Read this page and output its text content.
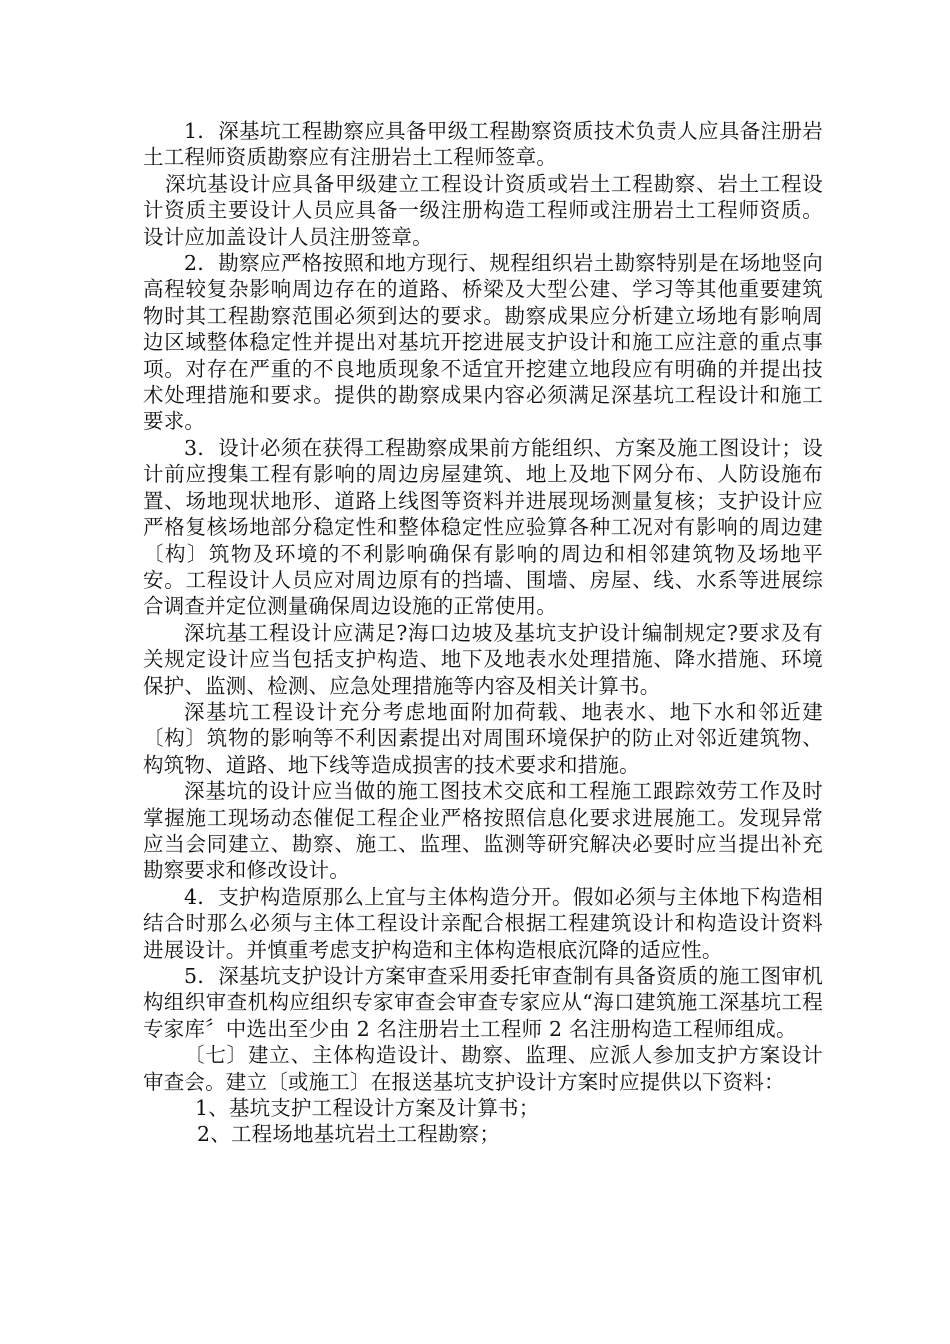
1．深基坑工程勘察应具备甲级工程勘察资质技术负责人应具备注册岩土工程师资质勘察应有注册岩土工程师签章。

深坑基设计应具备甲级建立工程设计资质或岩土工程勘察、岩土工程设计资质主要设计人员应具备一级注册构造工程师或注册岩土工程师资质。设计应加盖设计人员注册签章。

2．勘察应严格按照和地方现行、规程组织岩土勘察特别是在场地竖向高程较复杂影响周边存在的道路、桥梁及大型公建、学习等其他重要建筑物时其工程勘察范围必须到达的要求。勘察成果应分析建立场地有影响周边区域整体稳定性并提出对基坑开挖进展支护设计和施工应注意的重点事项。对存在严重的不良地质现象不适宜开挖建立地段应有明确的并提出技术处理措施和要求。提供的勘察成果内容必须满足深基坑工程设计和施工要求。

3．设计必须在获得工程勘察成果前方能组织、方案及施工图设计；设计前应搜集工程有影响的周边房屋建筑、地上及地下网分布、人防设施布置、场地现状地形、道路上线图等资料并进展现场测量复核；支护设计应严格复核场地部分稳定性和整体稳定性应验算各种工况对有影响的周边建〔构〕筑物及环境的不利影响确保有影响的周边和相邻建筑物及场地平安。工程设计人员应对周边原有的挡墙、围墙、房屋、线、水系等进展综合调查并定位测量确保周边设施的正常使用。

深坑基工程设计应满足?海口边坡及基坑支护设计编制规定?要求及有关规定设计应当包括支护构造、地下及地表水处理措施、降水措施、环境保护、监测、检测、应急处理措施等内容及相关计算书。

深基坑工程设计充分考虑地面附加荷载、地表水、地下水和邻近建〔构〕筑物的影响等不利因素提出对周围环境保护的防止对邻近建筑物、构筑物、道路、地下线等造成损害的技术要求和措施。

深基坑的设计应当做的施工图技术交底和工程施工跟踪效劳工作及时掌握施工现场动态催促工程企业严格按照信息化要求进展施工。发现异常应当会同建立、勘察、施工、监理、监测等研究解决必要时应当提出补充勘察要求和修改设计。

4．支护构造原那么上宜与主体构造分开。假如必须与主体地下构造相结合时那么必须与主体工程设计亲配合根据工程建筑设计和构造设计资料进展设计。并慎重考虑支护构造和主体构造根底沉降的适应性。

5．深基坑支护设计方案审查采用委托审查制有具备资质的施工图审机构组织审查机构应组织专家审查会审查专家应从“海口建筑施工深基坑工程专家库〞中选出至少由 2 名注册岩土工程师 2 名注册构造工程师组成。

〔七〕建立、主体构造设计、勘察、监理、应派人参加支护方案设计审查会。建立〔或施工〕在报送基坑支护设计方案时应提供以下资料：

1、基坑支护工程设计方案及计算书；

2、工程场地基坑岩土工程勘察；
